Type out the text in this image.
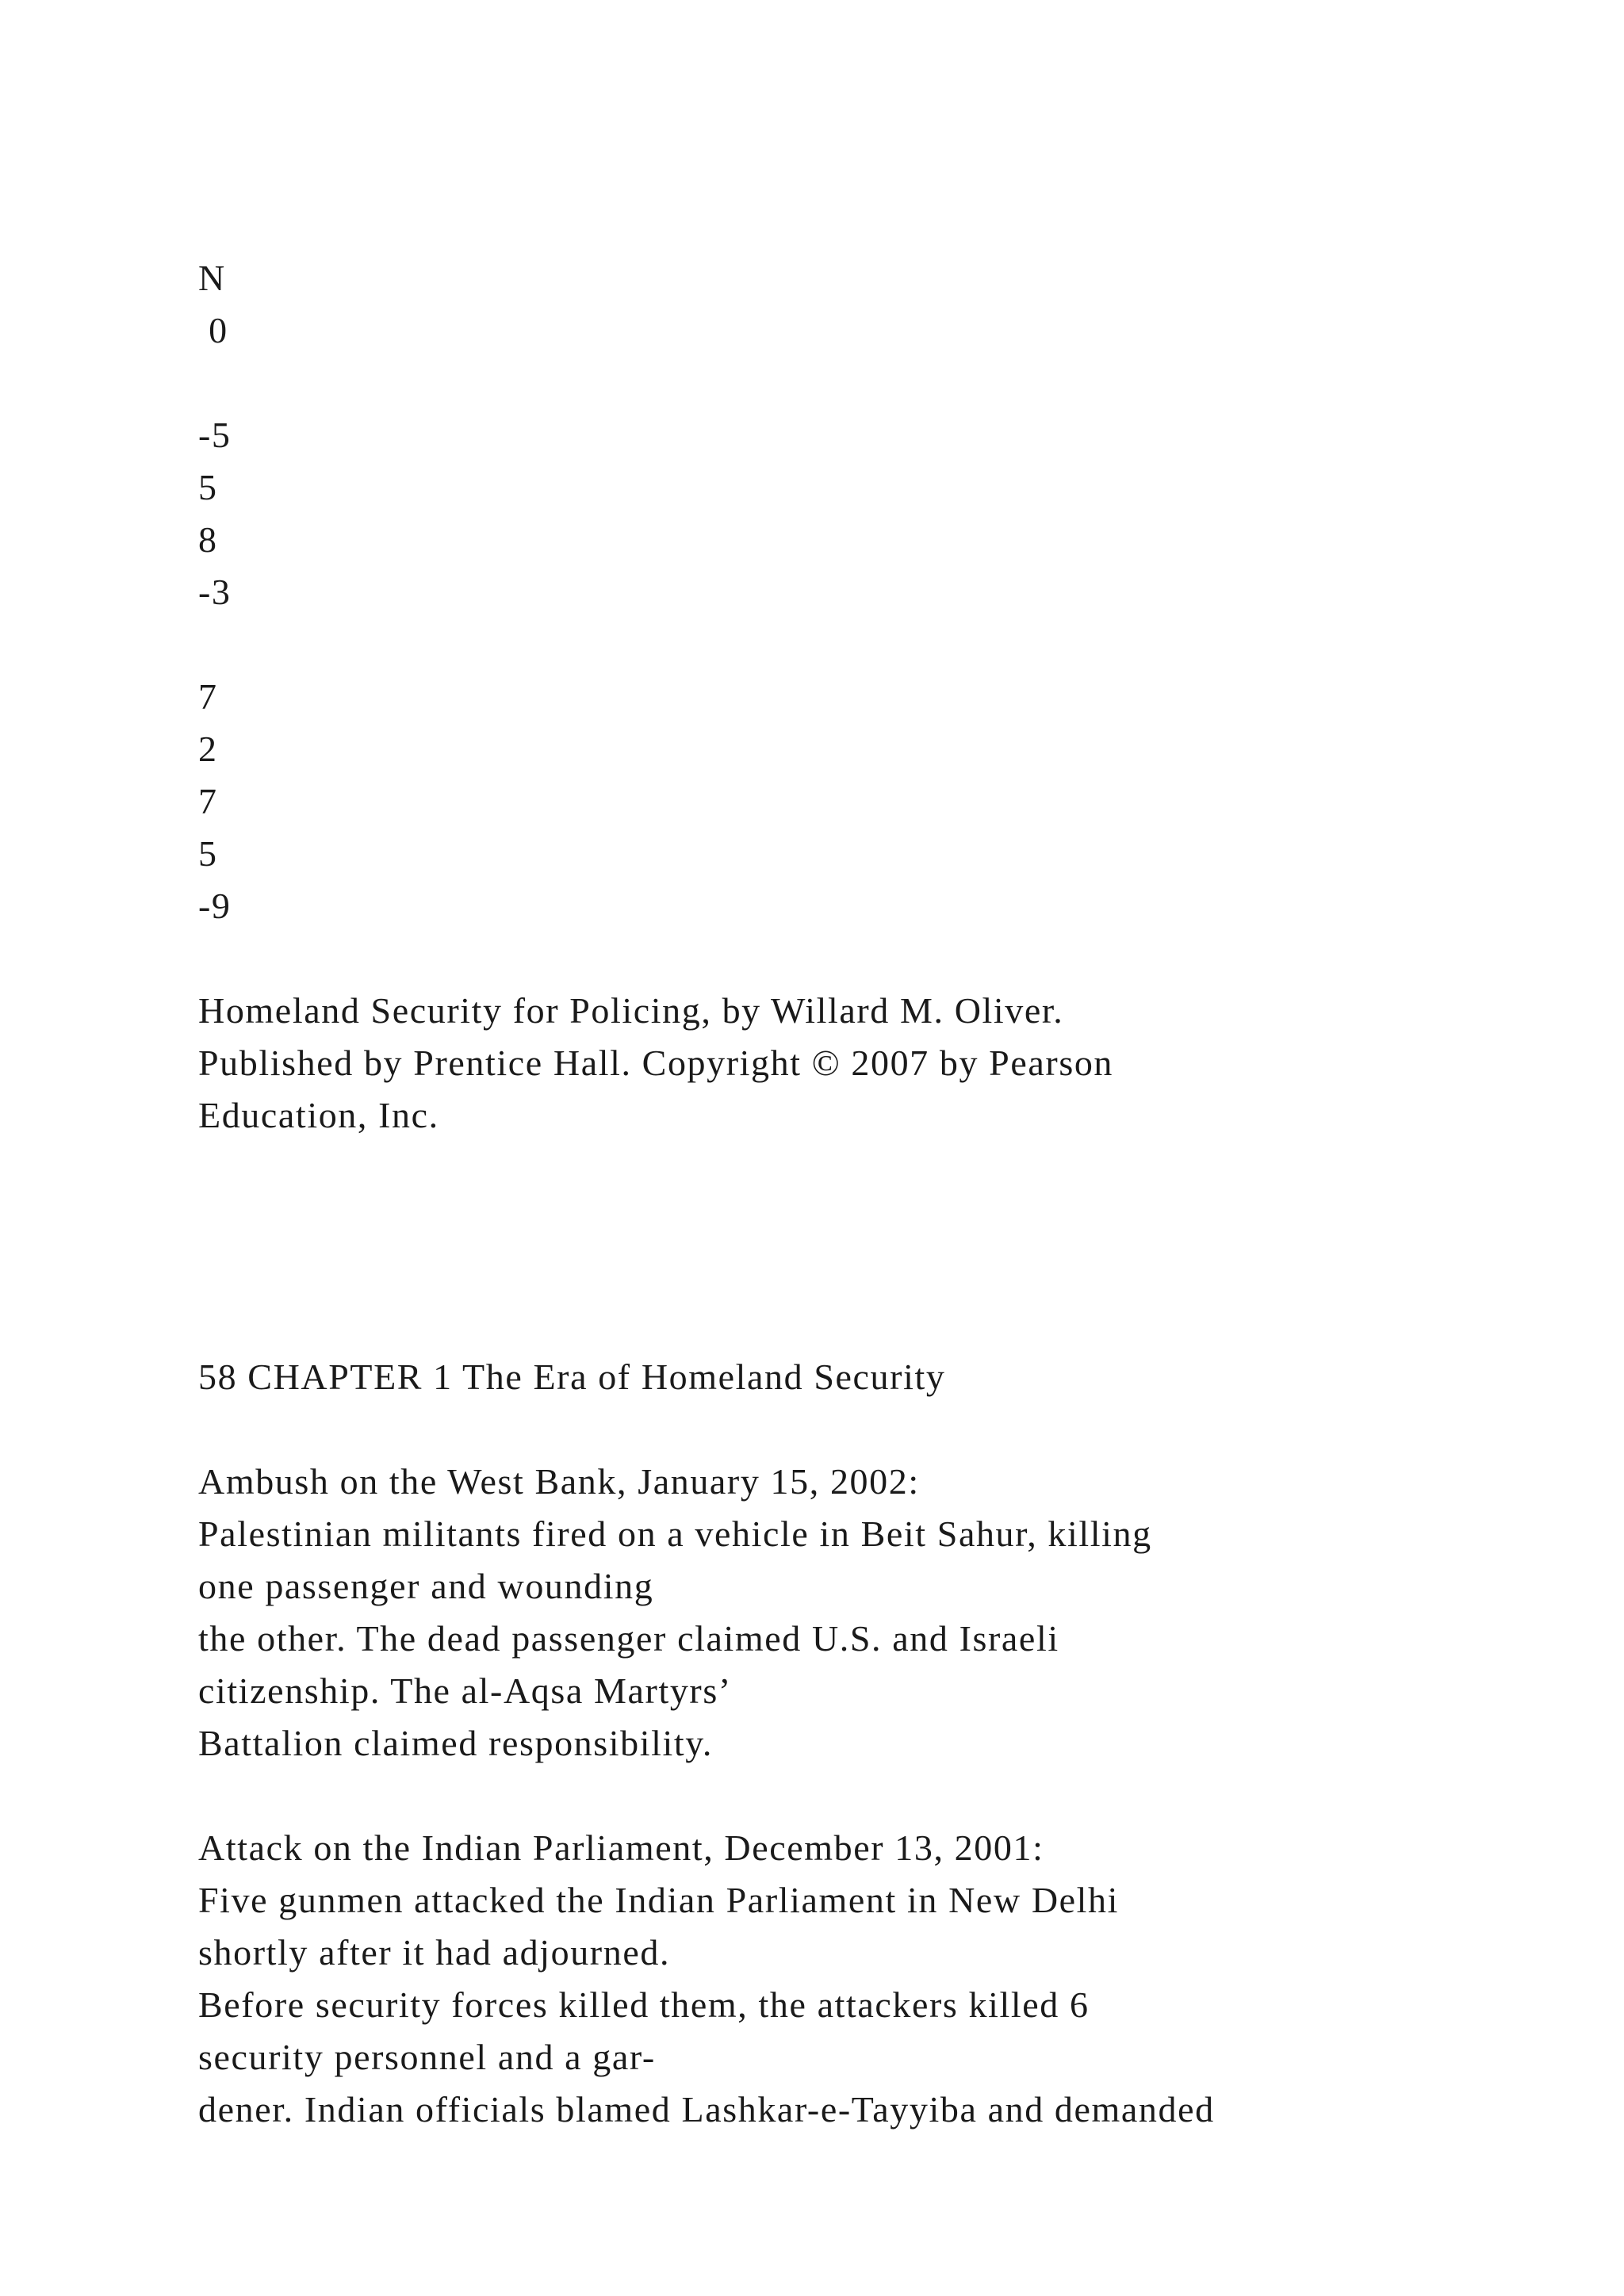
N
0
-5
5
8
-3
7
2
7
5
-9
Homeland Security for Policing, by Willard M. Oliver.
Published by Prentice Hall. Copyright © 2007 by Pearson
Education, Inc.
58 CHAPTER 1 The Era of Homeland Security
Ambush on the West Bank, January 15, 2002:
Palestinian militants fired on a vehicle in Beit Sahur, killing
one passenger and wounding
the other. The dead passenger claimed U.S. and Israeli
citizenship. The al-Aqsa Martyrs’
Battalion claimed responsibility.
Attack on the Indian Parliament, December 13, 2001:
Five gunmen attacked the Indian Parliament in New Delhi
shortly after it had adjourned.
Before security forces killed them, the attackers killed 6
security personnel and a gar-
dener. Indian officials blamed Lashkar-e-Tayyiba and demanded
